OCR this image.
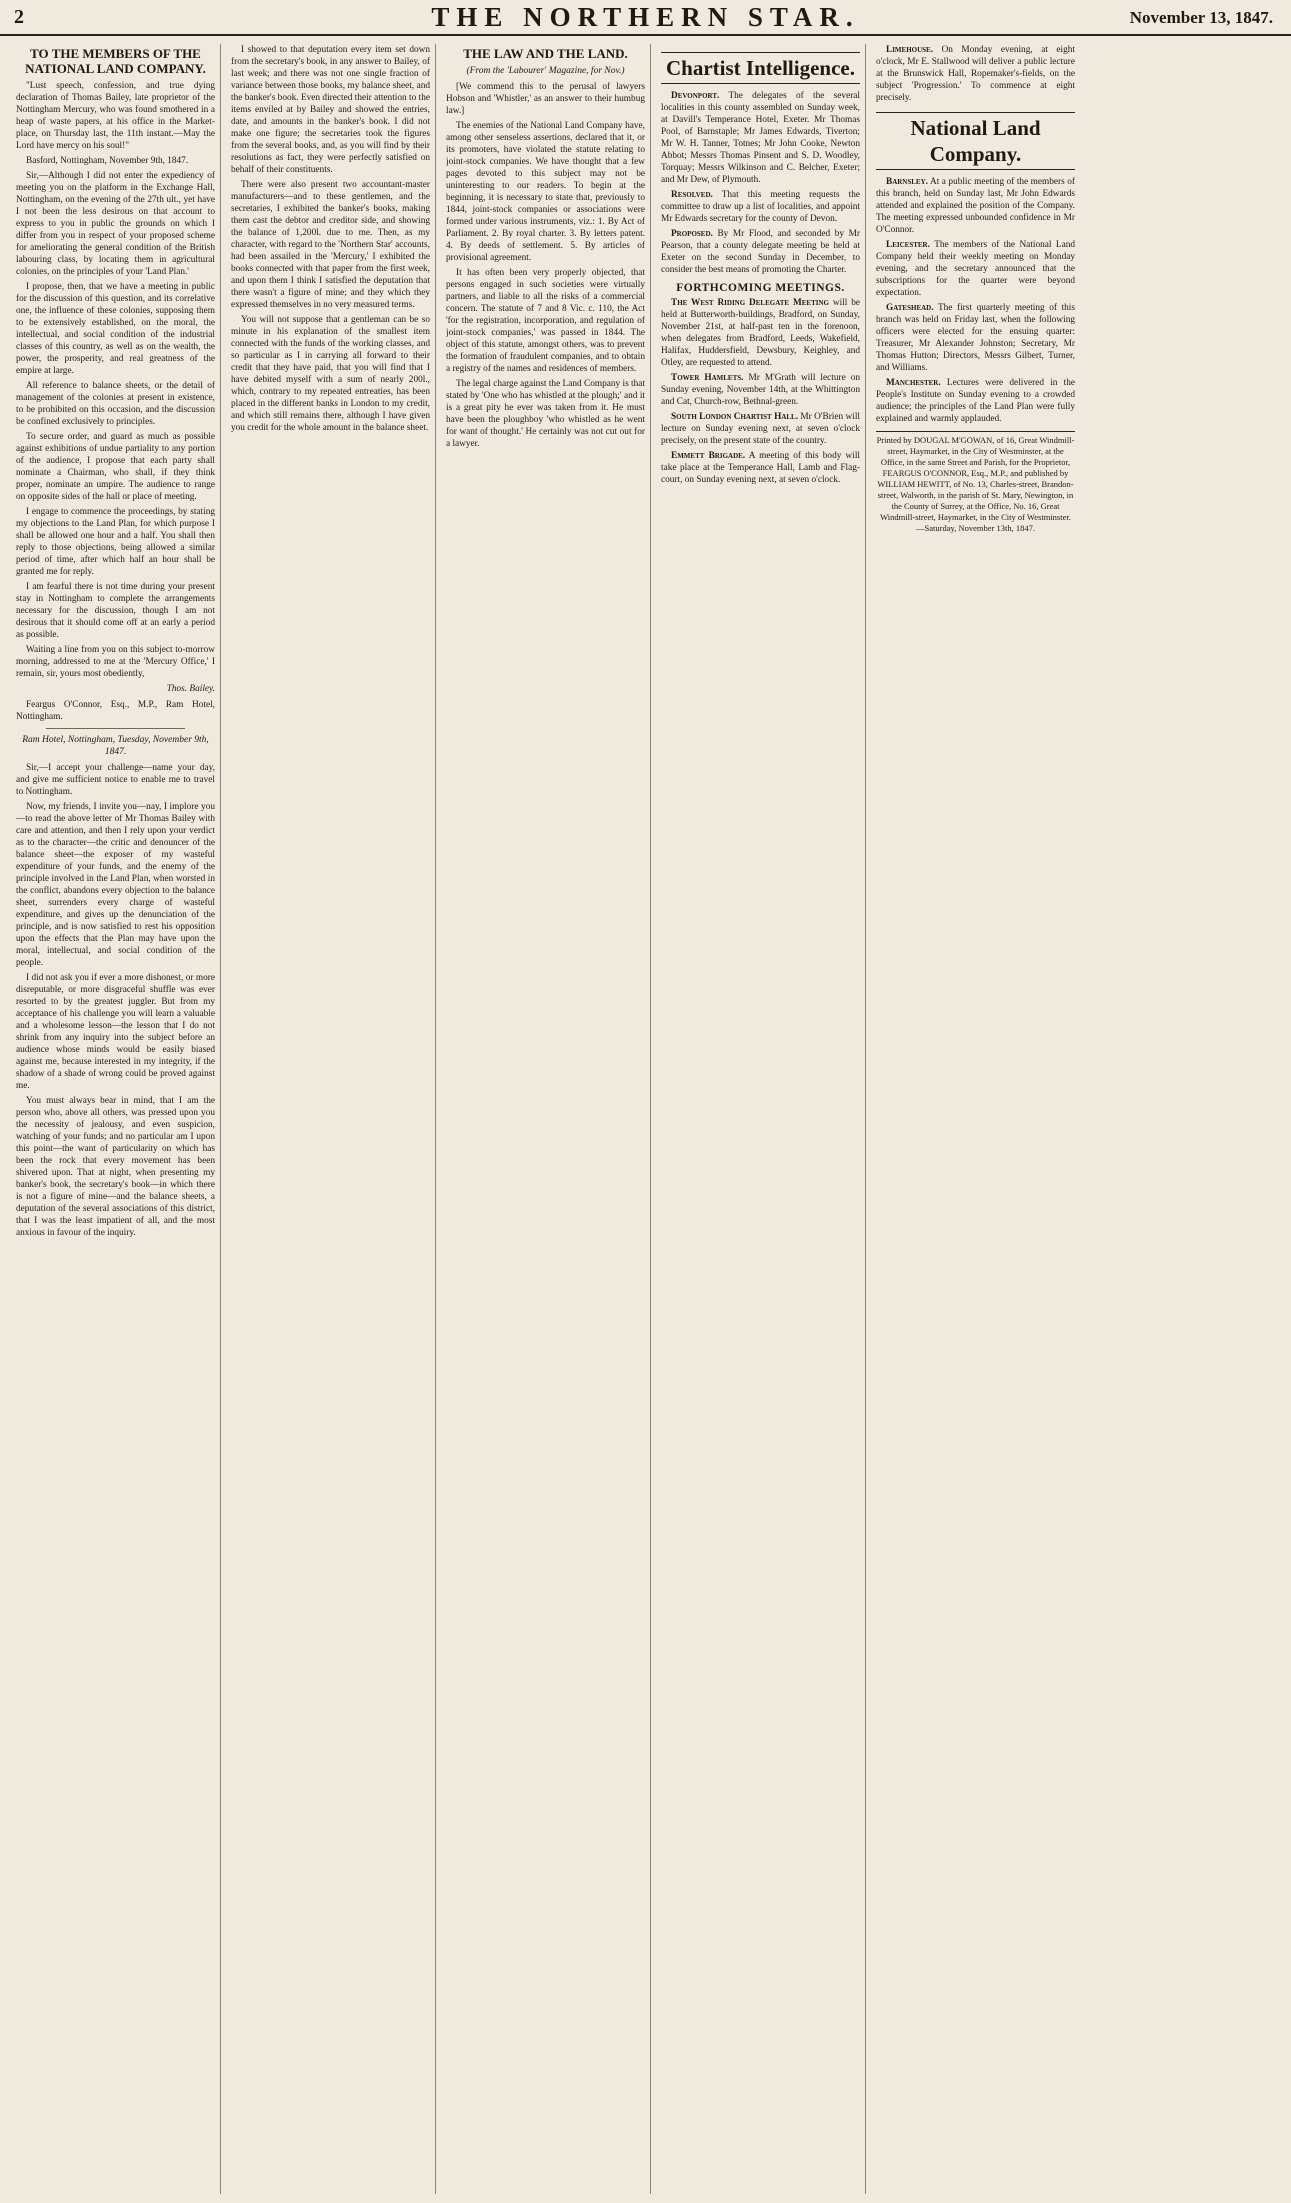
2	THE NORTHERN STAR.	November 13, 1847.
TO THE MEMBERS OF THE NATIONAL LAND COMPANY.

"Lust speech, confession, and true dying declaration of Thomas Bailey, late proprietor of the Nottingham Mercury, who was found smothered in a heap of waste papers, at his office in the Market-place, on Thursday last, the 11th instant.—May the Lord have mercy on his soul!"

Basford, Nottingham, November 9th, 1847.

Sir,—Although I did not enter the expediency of meeting you on the platform in the Exchange Hall, Nottingham, on the evening of the 27th ult., yet have I not been the less desirous on that account to express to you in public the grounds on which I differ from you in respect of your proposed scheme for ameliorating the general condition of the British labouring class, by locating them in agricultural colonies, on the principles of your 'Land Plan.'

I propose, then, that we have a meeting in public for the discussion of this question, and its correlative one, the influence of these colonies, supposing them to be extensively established, on the moral, the intellectual, and social condition of the industrial classes of this country, as well as on the wealth, the power, the prosperity, and real greatness of the empire at large.

All reference to balance sheets, or the detail of management of the colonies at present in existence, to be prohibited on this occasion, and the discussion be confined exclusively to principles.

To secure order, and guard as much as possible against exhibitions of undue partiality to any portion of the audience, I propose that each party shall nominate a Chairman, who shall, if they think proper, nominate an umpire. The audience to range on opposite sides of the hall or place of meeting.

I engage to commence the proceedings, by stating my objections to the Land Plan, for which purpose I shall be allowed one hour and a half. You shall then reply to those objections, being allowed a similar period of time, after which half an hour shall be granted me for reply.

I am fearful there is not time during your present stay in Nottingham to complete the arrangements necessary for the discussion, though I am not desirous that it should come off at an early a period as possible.

Waiting a line from you on this subject to-morrow morning, addressed to me at the 'Mercury Office,' I remain, sir, yours most obediently,

Thos. Bailey.

Feargus O'Connor, Esq., M.P., Ram Hotel, Nottingham.

Ram Hotel, Nottingham, Tuesday, November 9th, 1847.

Sir,—I accept your challenge—name your day, and give me sufficient notice to enable me to travel to Nottingham.

Now, my friends, I invite you—nay, I implore you—to read the above letter of Mr Thomas Bailey with care and attention, and then I rely upon your verdict as to the character—the critic and denouncer of the balance sheet—the exposer of my wasteful expenditure of your funds, and the enemy of the principle involved in the Land Plan, when worsted in the conflict, abandons every objection to the balance sheet, surrenders every charge of wasteful expenditure, and gives up the denunciation of the principle, and is now satisfied to rest his opposition upon the effects that the Plan may have upon the moral, intellectual, and social condition of the people.

I did not ask you if ever a more dishonest, or more disreputable, or more disgraceful shuffle was ever resorted to by the greatest juggler. But from my acceptance of his challenge you will learn a valuable and a wholesome lesson—the lesson that I do not shrink from any inquiry into the subject before an audience whose minds would be easily biased against me, because interested in my integrity, if the shadow of a shade of wrong could be proved against me.

You must always bear in mind, that I am the person who, above all others, was pressed upon you the necessity of jealousy, and even suspicion, watching of your funds; and no particular am I upon this point—the want of particularity on which has been the rock that every movement has been shivered upon. That at night, when presenting my banker's book, the secretary's book—in which there is not a figure of mine—and the balance sheets, a deputation of the several associations of this district, that I was the least impatient of all, and the most anxious in favour of the inquiry.

I showed to that deputation every item set down from the secretary's book, in any answer to Bailey, of last week; and there was not one single fraction of variance between those books, my balance sheet, and the banker's book. Even directed their attention to the items enviled at by Bailey and showed the entries, date, and amounts in the banker's book. I did not make one figure; the secretaries took the figures from the several books, and, as you will find by their resolutions as fact, they were perfectly satisfied on behalf of their constituents.

There were also present two accountant-master manufacturers—and to these gentlemen, and the secretaries, I exhibited the banker's books, making them cast the debtor and creditor side, and showing the balance of 1,200l. due to me. Then, as my character, with regard to the 'Northern Star' accounts, had been assailed in the 'Mercury,' I exhibited the books connected with that paper from the first week, and upon them I think I satisfied the deputation that there wasn't a figure of mine; and they which they expressed themselves in no very measured terms.

You will not suppose that a gentleman can be so minute in his explanation of the smallest item connected with the funds of the working classes, and so particular as I in carrying all forward to their credit that they have paid, that you will find that I have debited myself with a sum of nearly 200l., which, contrary to my repeated entreaties, has been placed in the different banks in London to my credit, and which still remains there, although I have given you credit for the whole amount in the balance sheet.

THE LAW AND THE LAND.
(From the 'Labourer' Magazine, for Nov.)

[We commend this to the perusal of lawyers Hobson and 'Whistler,' as an answer to their humbug law.]

The enemies of the National Land Company have, among other senseless assertions, declared that it, or its promoters, have violated the statute relating to joint-stock companies. We have thought that a few pages devoted to this subject may not be uninteresting to our readers. To begin at the beginning, it is necessary to state that, previously to 1844, joint-stock companies or associations were formed under various instruments, viz.: 1. By Act of Parliament. 2. By royal charter. 3. By letters patent. 4. By deeds of settlement. 5. By articles of provisional agreement.

It has often been very properly objected, that persons engaged in such societies were virtually partners, and liable to all the risks of a commercial concern. The statute of 7 and 8 Vic. c. 110, the Act 'for the registration, incorporation, and regulation of joint-stock companies,' was passed in 1844. The object of this statute, amongst others, was to prevent the formation of fraudulent companies, and to obtain a registry of the names and residences of members.

The legal charge against the Land Company is that stated by 'One who has whistled at the plough;' and it is a great pity he ever was taken from it. He must have been the ploughboy 'who whistled as he went for want of thought.' He certainly was not cut out for a lawyer.

Chartist Intelligence.

Devonport. The delegates of the several localities in this county assembled on Sunday week, at Davill's Temperance Hotel, Exeter. Mr Thomas Pool, of Barnstaple; Mr James Edwards, Tiverton; Mr W. H. Tanner, Totnes; Mr John Cooke, Newton Abbot; Messrs Thomas Pinsent and S. D. Woodley, Torquay; Messrs Wilkinson and C. Belcher, Exeter; and Mr Dew, of Plymouth.

Resolved. That this meeting requests the committee to draw up a list of localities, and appoint Mr Edwards secretary for the county of Devon.

Proposed. By Mr Flood, and seconded by Mr Pearson, that a county delegate meeting be held at Exeter on the second Sunday in December, to consider the best means of promoting the Charter.

FORTHCOMING MEETINGS.

The West Riding Delegate Meeting will be held at Butterworth-buildings, Bradford, on Sunday, November 21st, at half-past ten in the forenoon, when delegates from Bradford, Leeds, Wakefield, Halifax, Huddersfield, Dewsbury, Keighley, and Otley, are requested to attend.

Tower Hamlets. Mr M'Grath will lecture on Sunday evening, November 14th, at the Whittington and Cat, Church-row, Bethnal-green.

South London Chartist Hall. Mr O'Brien will lecture on Sunday evening next, at seven o'clock precisely, on the present state of the country.

Emmett Brigade. A meeting of this body will take place at the Temperance Hall, Lamb and Flag-court, on Sunday evening next, at seven o'clock.

Limehouse. On Monday evening, at eight o'clock, Mr E. Stallwood will deliver a public lecture at the Brunswick Hall, Ropemaker's-fields, on the subject 'Progression.' To commence at eight precisely.

National Land Company.

Barnsley. At a public meeting of the members of this branch, held on Sunday last, Mr John Edwards attended and explained the position of the Company. The meeting expressed unbounded confidence in Mr O'Connor.

Leicester. The members of the National Land Company held their weekly meeting on Monday evening, and the secretary announced that the subscriptions for the quarter were beyond expectation.

Gateshead. The first quarterly meeting of this branch was held on Friday last, when the following officers were elected for the ensuing quarter: Treasurer, Mr Alexander Johnston; Secretary, Mr Thomas Hutton; Directors, Messrs Gilbert, Turner, and Williams.

Manchester. Lectures were delivered in the People's Institute on Sunday evening to a crowded audience; the principles of the Land Plan were fully explained and warmly applauded.

Printed by DOUGAL M'GOWAN, of 16, Great Windmill-street, Haymarket, in the City of Westminster, at the Office, in the same Street and Parish, for the Proprietor, FEARGUS O'CONNOR, Esq., M.P., and published by WILLIAM HEWITT, of No. 13, Charles-street, Brandon-street, Walworth, in the parish of St. Mary, Newington, in the County of Surrey, at the Office, No. 16, Great Windmill-street, Haymarket, in the City of Westminster.—Saturday, November 13th, 1847.
